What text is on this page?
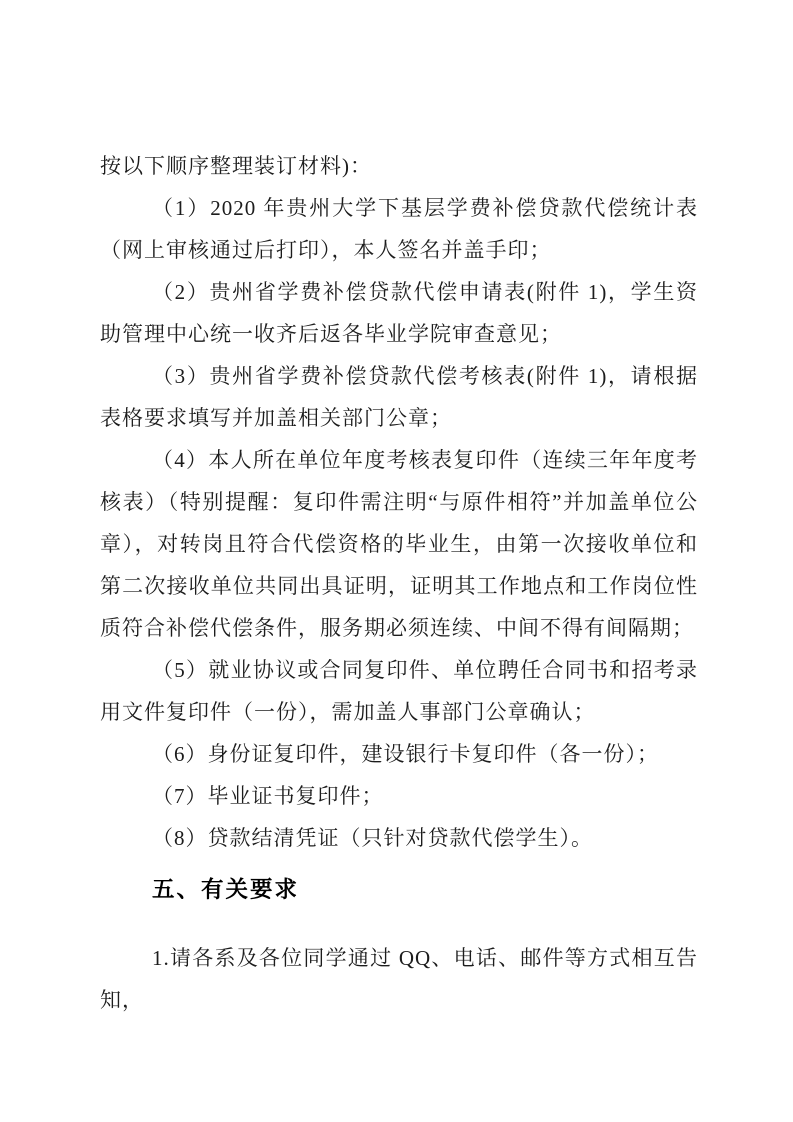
按以下顺序整理装订材料)：

（1）2020 年贵州大学下基层学费补偿贷款代偿统计表（网上审核通过后打印），本人签名并盖手印；

（2）贵州省学费补偿贷款代偿申请表(附件 1)，学生资助管理中心统一收齐后返各毕业学院审查意见；

（3）贵州省学费补偿贷款代偿考核表(附件 1)，请根据表格要求填写并加盖相关部门公章；

（4）本人所在单位年度考核表复印件（连续三年年度考核表）（特别提醒：复印件需注明“与原件相符”并加盖单位公章），对转岗且符合代偿资格的毕业生，由第一次接收单位和第二次接收单位共同出具证明，证明其工作地点和工作岗位性质符合补偿代偿条件，服务期必须连续、中间不得有间隔期；

（5）就业协议或合同复印件、单位聘任合同书和招考录用文件复印件（一份），需加盖人事部门公章确认；

（6）身份证复印件，建设银行卡复印件（各一份）；

（7）毕业证书复印件；

（8）贷款结清凭证（只针对贷款代偿学生）。

五、有关要求

1.请各系及各位同学通过 QQ、电话、邮件等方式相互告知，
